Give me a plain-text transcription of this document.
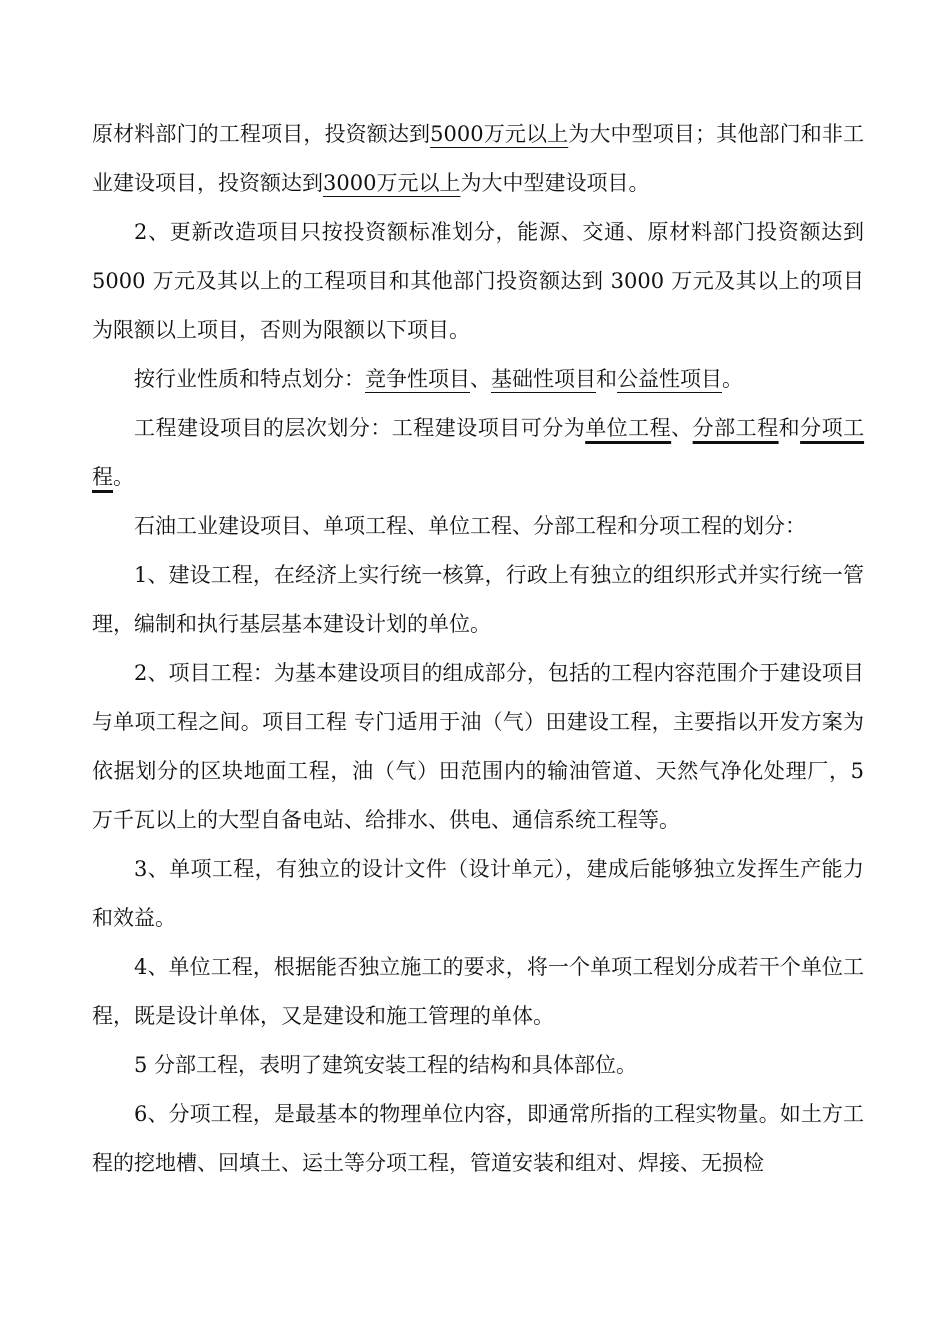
原材料部门的工程项目，投资额达到5000万元以上为大中型项目；其他部门和非工业建设项目，投资额达到3000万元以上为大中型建设项目。

2、更新改造项目只按投资额标准划分，能源、交通、原材料部门投资额达到 5000 万元及其以上的工程项目和其他部门投资额达到 3000 万元及其以上的项目为限额以上项目，否则为限额以下项目。

按行业性质和特点划分：竞争性项目、基础性项目和公益性项目。

工程建设项目的层次划分：工程建设项目可分为单位工程、分部工程和分项工程。

石油工业建设项目、单项工程、单位工程、分部工程和分项工程的划分：

1、建设工程，在经济上实行统一核算，行政上有独立的组织形式并实行统一管理，编制和执行基层基本建设计划的单位。

2、项目工程：为基本建设项目的组成部分，包括的工程内容范围介于建设项目与单项工程之间。项目工程 专门适用于油（气）田建设工程，主要指以开发方案为依据划分的区块地面工程，油（气）田范围内的输油管道、天然气净化处理厂，5 万千瓦以上的大型自备电站、给排水、供电、通信系统工程等。

3、单项工程，有独立的设计文件（设计单元），建成后能够独立发挥生产能力和效益。

4、单位工程，根据能否独立施工的要求，将一个单项工程划分成若干个单位工程，既是设计单体，又是建设和施工管理的单体。

5 分部工程，表明了建筑安装工程的结构和具体部位。

6、分项工程，是最基本的物理单位内容，即通常所指的工程实物量。如土方工程的挖地槽、回填土、运土等分项工程，管道安装和组对、焊接、无损检
